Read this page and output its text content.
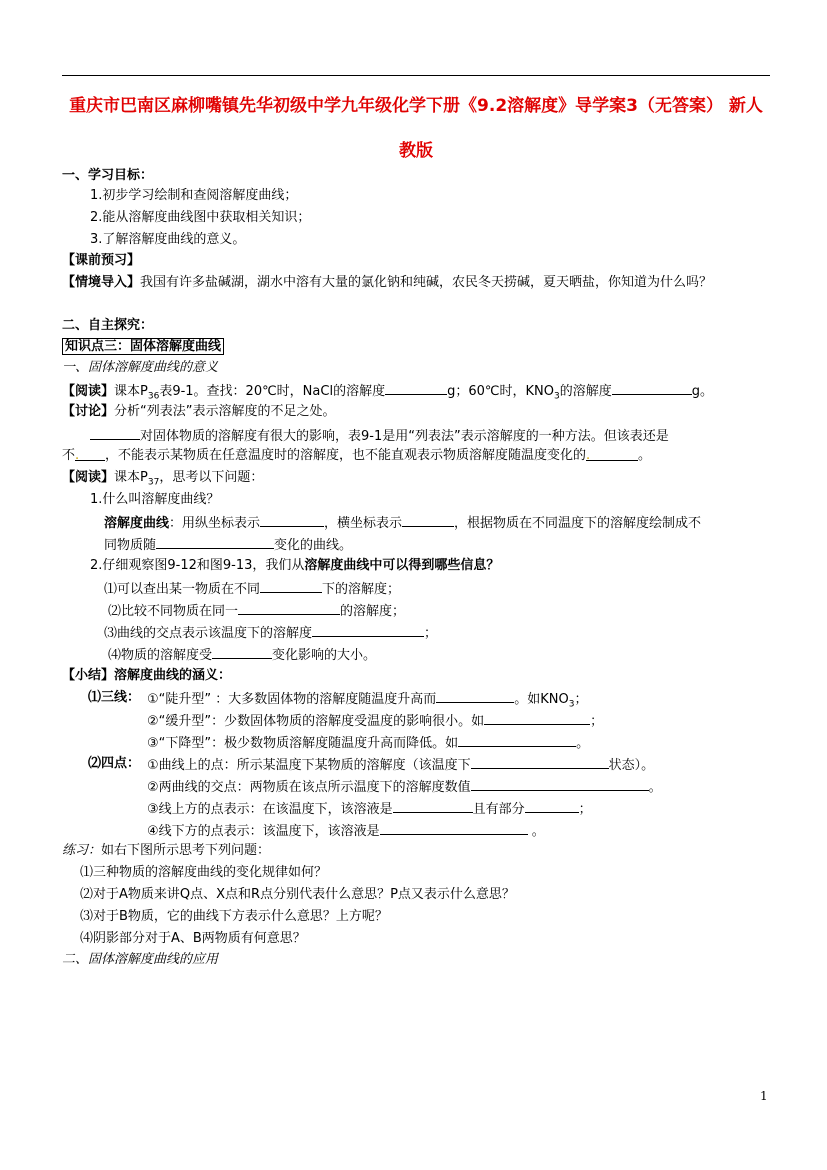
重庆市巴南区麻柳嘴镇先华初级中学九年级化学下册《9.2溶解度》导学案3（无答案） 新人教版
一、学习目标：
1.初步学习绘制和查阅溶解度曲线；
2.能从溶解度曲线图中获取相关知识；
3.了解溶解度曲线的意义。
【课前预习】
【情境导入】我国有许多盐碱湖，湖水中溶有大量的氯化钠和纯碱，农民冬天捞碱，夏天晒盐，你知道为什么吗？
二、自主探究：
知识点三：固体溶解度曲线
一、固体溶解度曲线的意义
【阅读】课本$P_{36}$表9-1。查找：20℃时，NaCl的溶解度	g；60℃时，$KNO_3$的溶解度	g。
【讨论】分析“列表法”表示溶解度的不足之处。
对固体物质的溶解度有很大的影响，表9-1是用“列表法”表示溶解度的一种方法。但该表还是
不. ，不能表示某物质在任意温度时的溶解度，也不能直观表示物质溶解度随温度变化的.	。
【阅读】课本$P_{37}$，思考以下问题：
1.什么叫溶解度曲线？
溶解度曲线：用纵坐标表示	，横坐标表示	，根据物质在不同温度下的溶解度绘制成不
同物质随	变化的曲线。
2.仔细观察图9-12和图9-13，我们从溶解度曲线中可以得到哪些信息？
⑴可以查出某一物质在不同	下的溶解度；
⑵比较不同物质在同一	的溶解度；
⑶曲线的交点表示该温度下的溶解度	；
⑷物质的溶解度受	变化影响的大小。
【小结】溶解度曲线的涵义：
⑴三线： ①“陡升型” ：大多数固体物的溶解度随温度升高而	。如$KNO_3$；
②“缓升型”：少数固体物质的溶解度受温度的影响很小。如	；
③“下降型”：极少数物质溶解度随温度升高而降低。如	。
⑵四点： ①曲线上的点：所示某温度下某物质的溶解度（该温度下	状态）。
②两曲线的交点：两物质在该点所示温度下的溶解度数值	。
③线上方的点表示：在该温度下，该溶液是	且有部分	；
④线下方的点表示：该温度下，该溶液是	。
练习：如右下图所示思考下列问题：
⑴三种物质的溶解度曲线的变化规律如何？
⑵对于A物质来讲Q点、X点和R点分别代表什么意思？P点又表示什么意思？
⑶对于B物质，它的曲线下方表示什么意思？上方呢？
⑷阴影部分对于A、B两物质有何意思？
二、固体溶解度曲线的应用
1
